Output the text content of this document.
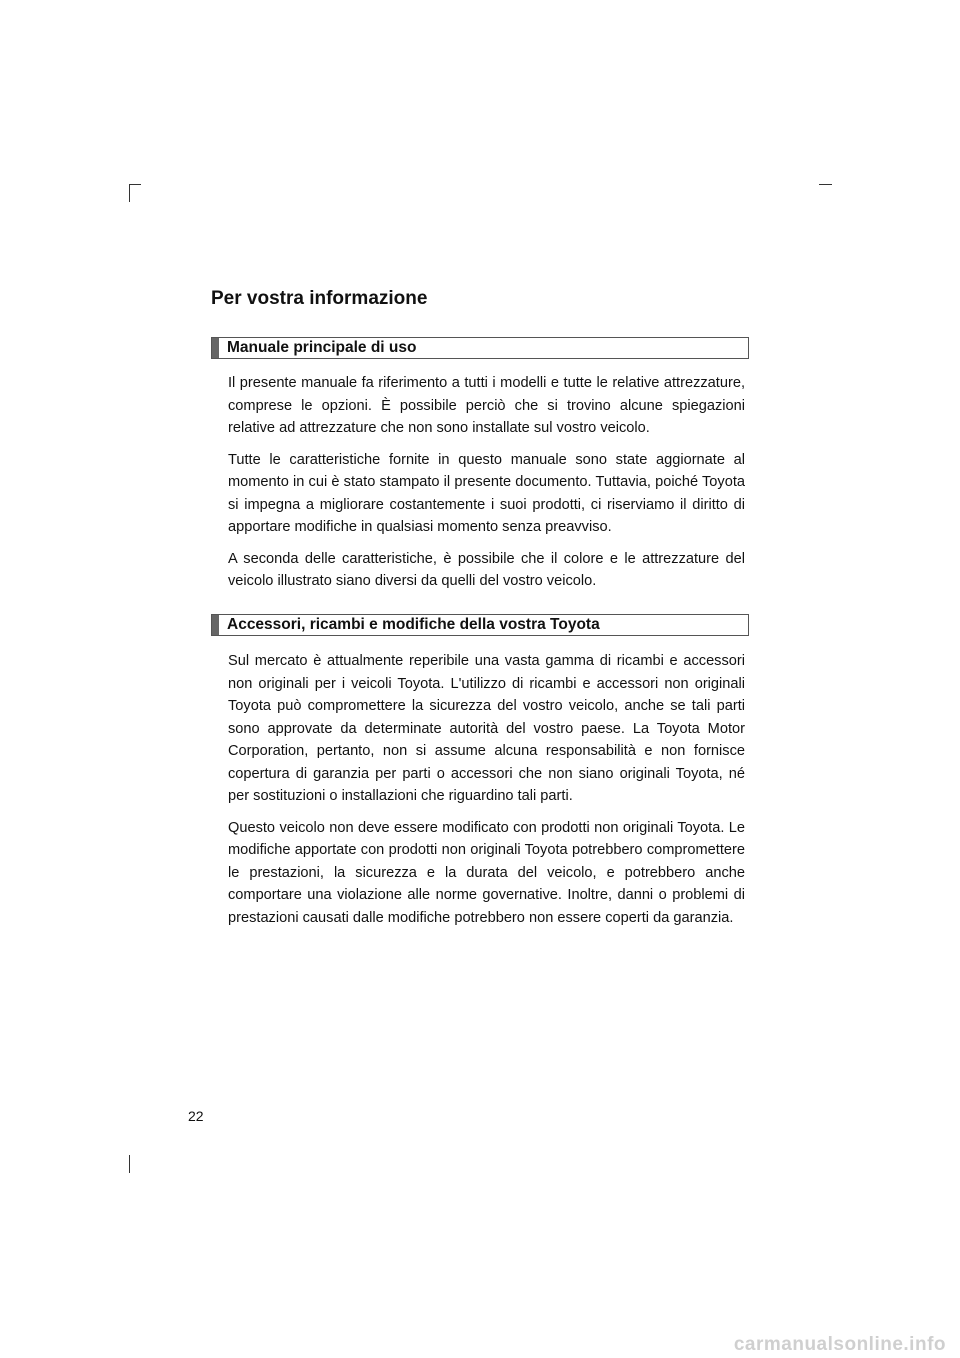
Per vostra informazione
Manuale principale di uso

Il presente manuale fa riferimento a tutti i modelli e tutte le relative attrezzature, comprese le opzioni. È possibile perciò che si trovino alcune spiegazioni relative ad attrezzature che non sono installate sul vostro veicolo.

Tutte le caratteristiche fornite in questo manuale sono state aggiornate al momento in cui è stato stampato il presente documento. Tuttavia, poiché Toyota si impegna a migliorare costantemente i suoi prodotti, ci riserviamo il diritto di apportare modifiche in qualsiasi momento senza preavviso.

A seconda delle caratteristiche, è possibile che il colore e le attrezzature del veicolo illustrato siano diversi da quelli del vostro veicolo.

Accessori, ricambi e modifiche della vostra Toyota

Sul mercato è attualmente reperibile una vasta gamma di ricambi e accessori non originali per i veicoli Toyota. L'utilizzo di ricambi e accessori non originali Toyota può compromettere la sicurezza del vostro veicolo, anche se tali parti sono approvate da determinate autorità del vostro paese. La Toyota Motor Corporation, pertanto, non si assume alcuna responsabilità e non fornisce copertura di garanzia per parti o accessori che non siano originali Toyota, né per sostituzioni o installazioni che riguardino tali parti.

Questo veicolo non deve essere modificato con prodotti non originali Toyota. Le modifiche apportate con prodotti non originali Toyota potrebbero compromettere le prestazioni, la sicurezza e la durata del veicolo, e potrebbero anche comportare una violazione alle norme governative. Inoltre, danni o problemi di prestazioni causati dalle modifiche potrebbero non essere coperti da garanzia.

22
carmanualsonline.info
